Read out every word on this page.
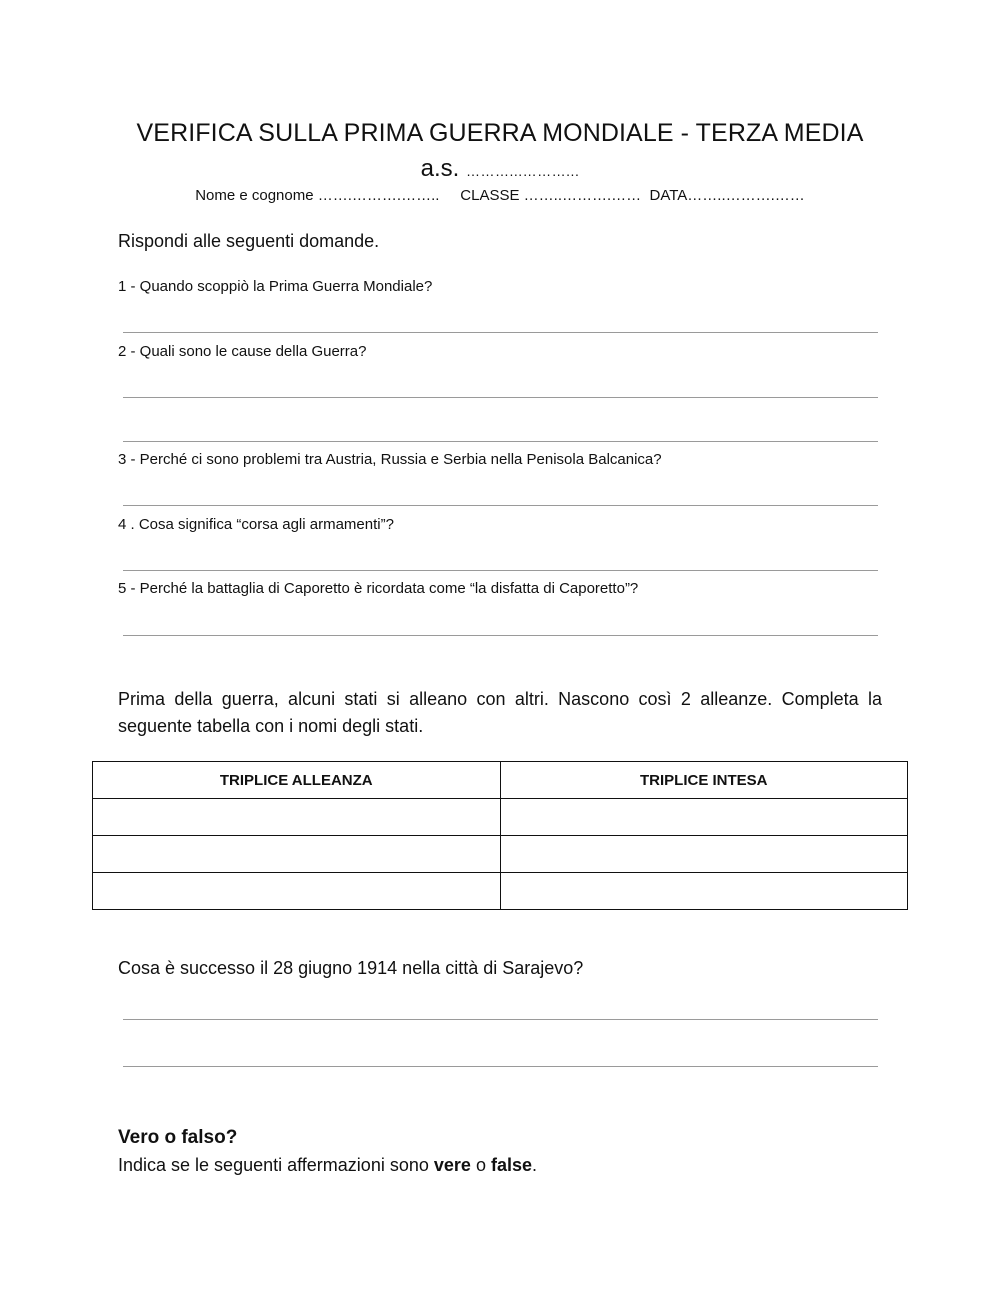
VERIFICA SULLA PRIMA GUERRA MONDIALE - TERZA MEDIA
a.s. ………...………...
Nome e cognome …….……….…….. CLASSE ……..……….…… DATA……..……….……
Rispondi alle seguenti domande.
1 - Quando scoppiò la Prima Guerra Mondiale?
2 - Quali sono le cause della Guerra?
3 - Perché ci sono problemi tra Austria, Russia e Serbia nella Penisola Balcanica?
4 . Cosa significa “corsa agli armamenti”?
5 - Perché la battaglia di Caporetto è ricordata come “la disfatta di Caporetto”?
Prima della guerra, alcuni stati si alleano con altri. Nascono così 2 alleanze. Completa la seguente tabella con i nomi degli stati.
TRIPLICE ALLEANZA	TRIPLICE INTESA

Cosa è successo il 28 giugno 1914 nella città di Sarajevo?
Vero o falso?
Indica se le seguenti affermazioni sono vere o false.
